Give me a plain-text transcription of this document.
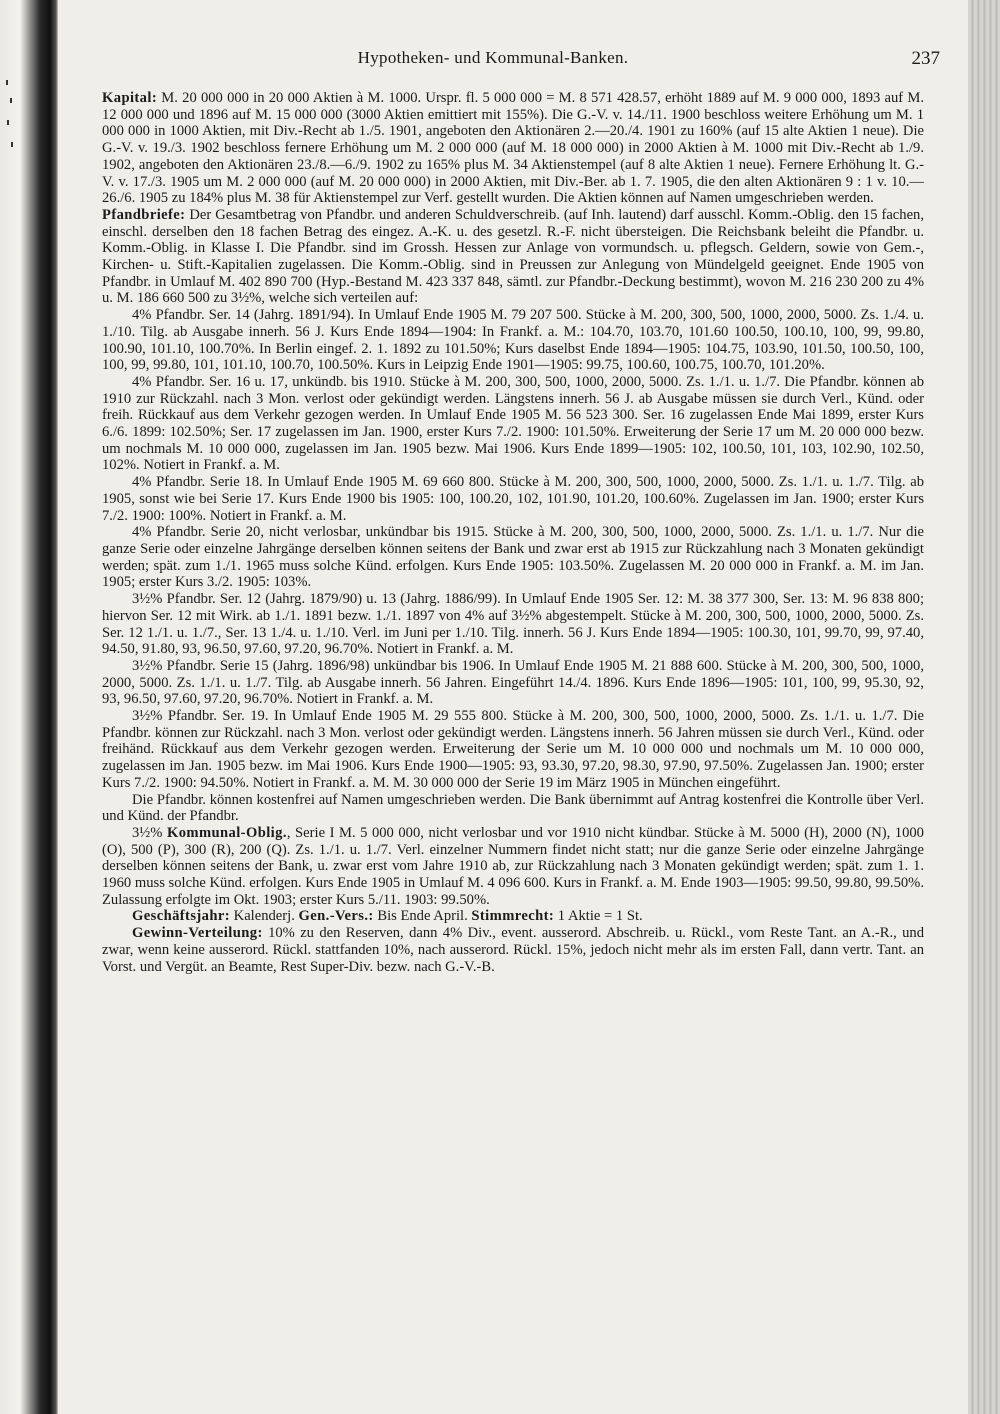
Hypotheken- und Kommunal-Banken.	237

Kapital: M. 20 000 000 in 20 000 Aktien à M. 1000. Urspr. fl. 5 000 000 = M. 8 571 428.57, erhöht 1889 auf M. 9 000 000, 1893 auf M. 12 000 000 und 1896 auf M. 15 000 000 (3000 Aktien emittiert mit 155%). Die G.-V. v. 14./11. 1900 beschloss weitere Erhöhung um M. 1 000 000 in 1000 Aktien, mit Div.-Recht ab 1./5. 1901, angeboten den Aktionären 2.—20./4. 1901 zu 160% (auf 15 alte Aktien 1 neue). Die G.-V. v. 19./3. 1902 beschloss fernere Erhöhung um M. 2 000 000 (auf M. 18 000 000) in 2000 Aktien à M. 1000 mit Div.-Recht ab 1./9. 1902, angeboten den Aktionären 23./8.—6./9. 1902 zu 165% plus M. 34 Aktienstempel (auf 8 alte Aktien 1 neue). Fernere Erhöhung lt. G.-V. v. 17./3. 1905 um M. 2 000 000 (auf M. 20 000 000) in 2000 Aktien, mit Div.-Ber. ab 1. 7. 1905, die den alten Aktionären 9 : 1 v. 10.—26./6. 1905 zu 184% plus M. 38 für Aktienstempel zur Verf. gestellt wurden. Die Aktien können auf Namen umgeschrieben werden.

Pfandbriefe: Der Gesamtbetrag von Pfandbr. und anderen Schuldverschreib. (auf Inh. lautend) darf ausschl. Komm.-Oblig. den 15 fachen, einschl. derselben den 18 fachen Betrag des eingez. A.-K. u. des gesetzl. R.-F. nicht übersteigen. Die Reichsbank beleiht die Pfandbr. u. Komm.-Oblig. in Klasse I. Die Pfandbr. sind im Grossh. Hessen zur Anlage von vormundsch. u. pflegsch. Geldern, sowie von Gem.-, Kirchen- u. Stift.-Kapitalien zugelassen. Die Komm.-Oblig. sind in Preussen zur Anlegung von Mündelgeld geeignet. Ende 1905 von Pfandbr. in Umlauf M. 402 890 700 (Hyp.-Bestand M. 423 337 848, sämtl. zur Pfandbr.-Deckung bestimmt), wovon M. 216 230 200 zu 4% u. M. 186 660 500 zu 3½%, welche sich verteilen auf:

4% Pfandbr. Ser. 14 (Jahrg. 1891/94). In Umlauf Ende 1905 M. 79 207 500. Stücke à M. 200, 300, 500, 1000, 2000, 5000. Zs. 1./4. u. 1./10. Tilg. ab Ausgabe innerh. 56 J. Kurs Ende 1894—1904: In Frankf. a. M.: 104.70, 103.70, 101.60 100.50, 100.10, 100, 99, 99.80, 100.90, 101.10, 100.70%. In Berlin eingef. 2. 1. 1892 zu 101.50%; Kurs daselbst Ende 1894—1905: 104.75, 103.90, 101.50, 100.50, 100, 100, 99, 99.80, 101, 101.10, 100.70, 100.50%. Kurs in Leipzig Ende 1901—1905: 99.75, 100.60, 100.75, 100.70, 101.20%.

4% Pfandbr. Ser. 16 u. 17, unkündb. bis 1910. Stücke à M. 200, 300, 500, 1000, 2000, 5000. Zs. 1./1. u. 1./7. Die Pfandbr. können ab 1910 zur Rückzahl. nach 3 Mon. verlost oder gekündigt werden. Längstens innerh. 56 J. ab Ausgabe müssen sie durch Verl., Künd. oder freih. Rückkauf aus dem Verkehr gezogen werden. In Umlauf Ende 1905 M. 56 523 300. Ser. 16 zugelassen Ende Mai 1899, erster Kurs 6./6. 1899: 102.50%; Ser. 17 zugelassen im Jan. 1900, erster Kurs 7./2. 1900: 101.50%. Erweiterung der Serie 17 um M. 20 000 000 bezw. um nochmals M. 10 000 000, zugelassen im Jan. 1905 bezw. Mai 1906. Kurs Ende 1899—1905: 102, 100.50, 101, 103, 102.90, 102.50, 102%. Notiert in Frankf. a. M.

4% Pfandbr. Serie 18. In Umlauf Ende 1905 M. 69 660 800. Stücke à M. 200, 300, 500, 1000, 2000, 5000. Zs. 1./1. u. 1./7. Tilg. ab 1905, sonst wie bei Serie 17. Kurs Ende 1900 bis 1905: 100, 100.20, 102, 101.90, 101.20, 100.60%. Zugelassen im Jan. 1900; erster Kurs 7./2. 1900: 100%. Notiert in Frankf. a. M.

4% Pfandbr. Serie 20, nicht verlosbar, unkündbar bis 1915. Stücke à M. 200, 300, 500, 1000, 2000, 5000. Zs. 1./1. u. 1./7. Nur die ganze Serie oder einzelne Jahrgänge derselben können seitens der Bank und zwar erst ab 1915 zur Rückzahlung nach 3 Monaten gekündigt werden; spät. zum 1./1. 1965 muss solche Künd. erfolgen. Kurs Ende 1905: 103.50%. Zugelassen M. 20 000 000 in Frankf. a. M. im Jan. 1905; erster Kurs 3./2. 1905: 103%.

3½% Pfandbr. Ser. 12 (Jahrg. 1879/90) u. 13 (Jahrg. 1886/99). In Umlauf Ende 1905 Ser. 12: M. 38 377 300, Ser. 13: M. 96 838 800; hiervon Ser. 12 mit Wirk. ab 1./1. 1891 bezw. 1./1. 1897 von 4% auf 3½% abgestempelt. Stücke à M. 200, 300, 500, 1000, 2000, 5000. Zs. Ser. 12 1./1. u. 1./7., Ser. 13 1./4. u. 1./10. Verl. im Juni per 1./10. Tilg. innerh. 56 J. Kurs Ende 1894—1905: 100.30, 101, 99.70, 99, 97.40, 94.50, 91.80, 93, 96.50, 97.60, 97.20, 96.70%. Notiert in Frankf. a. M.

3½% Pfandbr. Serie 15 (Jahrg. 1896/98) unkündbar bis 1906. In Umlauf Ende 1905 M. 21 888 600. Stücke à M. 200, 300, 500, 1000, 2000, 5000. Zs. 1./1. u. 1./7. Tilg. ab Ausgabe innerh. 56 Jahren. Eingeführt 14./4. 1896. Kurs Ende 1896—1905: 101, 100, 99, 95.30, 92, 93, 96.50, 97.60, 97.20, 96.70%. Notiert in Frankf. a. M.

3½% Pfandbr. Ser. 19. In Umlauf Ende 1905 M. 29 555 800. Stücke à M. 200, 300, 500, 1000, 2000, 5000. Zs. 1./1. u. 1./7. Die Pfandbr. können zur Rückzahl. nach 3 Mon. verlost oder gekündigt werden. Längstens innerh. 56 Jahren müssen sie durch Verl., Künd. oder freihänd. Rückkauf aus dem Verkehr gezogen werden. Erweiterung der Serie um M. 10 000 000 und nochmals um M. 10 000 000, zugelassen im Jan. 1905 bezw. im Mai 1906. Kurs Ende 1900—1905: 93, 93.30, 97.20, 98.30, 97.90, 97.50%. Zugelassen Jan. 1900; erster Kurs 7./2. 1900: 94.50%. Notiert in Frankf. a. M. M. 30 000 000 der Serie 19 im März 1905 in München eingeführt.

Die Pfandbr. können kostenfrei auf Namen umgeschrieben werden. Die Bank übernimmt auf Antrag kostenfrei die Kontrolle über Verl. und Künd. der Pfandbr.

3½% Kommunal-Oblig., Serie I M. 5 000 000, nicht verlosbar und vor 1910 nicht kündbar. Stücke à M. 5000 (H), 2000 (N), 1000 (O), 500 (P), 300 (R), 200 (Q). Zs. 1./1. u. 1./7. Verl. einzelner Nummern findet nicht statt; nur die ganze Serie oder einzelne Jahrgänge derselben können seitens der Bank, u. zwar erst vom Jahre 1910 ab, zur Rückzahlung nach 3 Monaten gekündigt werden; spät. zum 1. 1. 1960 muss solche Künd. erfolgen. Kurs Ende 1905 in Umlauf M. 4 096 600. Kurs in Frankf. a. M. Ende 1903—1905: 99.50, 99.80, 99.50%. Zulassung erfolgte im Okt. 1903; erster Kurs 5./11. 1903: 99.50%.

Geschäftsjahr: Kalenderj. Gen.-Vers.: Bis Ende April. Stimmrecht: 1 Aktie = 1 St.

Gewinn-Verteilung: 10% zu den Reserven, dann 4% Div., event. ausserord. Abschreib. u. Rückl., vom Reste Tant. an A.-R., und zwar, wenn keine ausserord. Rückl. stattfanden 10%, nach ausserord. Rückl. 15%, jedoch nicht mehr als im ersten Fall, dann vertr. Tant. an Vorst. und Vergüt. an Beamte, Rest Super-Div. bezw. nach G.-V.-B.
